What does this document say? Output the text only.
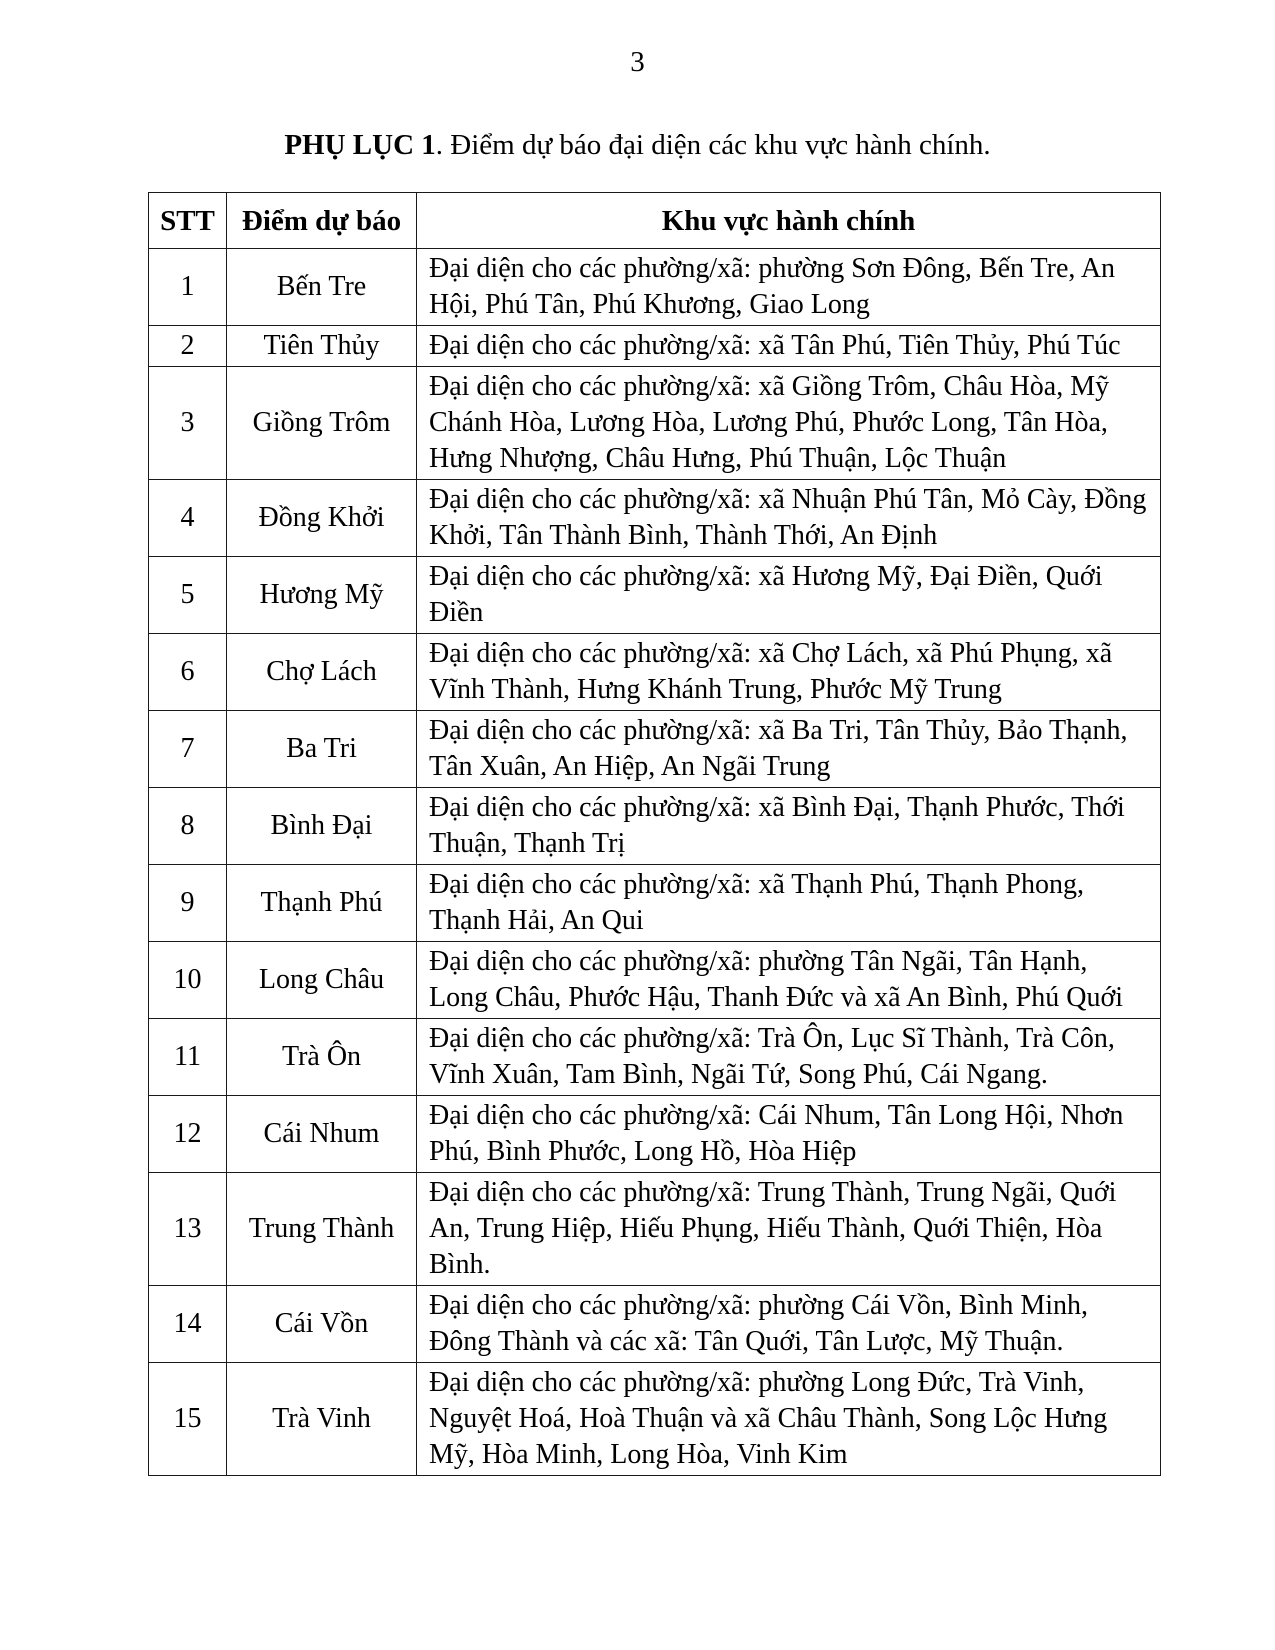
3
PHỤ LỤC 1. Điểm dự báo đại diện các khu vực hành chính.
STT	Điểm dự báo	Khu vực hành chính
1	Bến Tre	Đại diện cho các phường/xã: phường Sơn Đông, Bến Tre, An Hội, Phú Tân, Phú Khương, Giao Long
2	Tiên Thủy	Đại diện cho các phường/xã: xã Tân Phú, Tiên Thủy, Phú Túc
3	Giồng Trôm	Đại diện cho các phường/xã: xã Giồng Trôm, Châu Hòa, Mỹ Chánh Hòa, Lương Hòa, Lương Phú, Phước Long, Tân Hòa, Hưng Nhượng, Châu Hưng, Phú Thuận, Lộc Thuận
4	Đồng Khởi	Đại diện cho các phường/xã: xã Nhuận Phú Tân, Mỏ Cày, Đồng Khởi, Tân Thành Bình, Thành Thới, An Định
5	Hương Mỹ	Đại diện cho các phường/xã: xã Hương Mỹ, Đại Điền, Quới Điền
6	Chợ Lách	Đại diện cho các phường/xã: xã Chợ Lách, xã Phú Phụng, xã Vĩnh Thành, Hưng Khánh Trung, Phước Mỹ Trung
7	Ba Tri	Đại diện cho các phường/xã: xã Ba Tri, Tân Thủy, Bảo Thạnh, Tân Xuân, An Hiệp, An Ngãi Trung
8	Bình Đại	Đại diện cho các phường/xã: xã Bình Đại, Thạnh Phước, Thới Thuận, Thạnh Trị
9	Thạnh Phú	Đại diện cho các phường/xã: xã Thạnh Phú, Thạnh Phong, Thạnh Hải, An Qui
10	Long Châu	Đại diện cho các phường/xã: phường Tân Ngãi, Tân Hạnh, Long Châu, Phước Hậu, Thanh Đức và xã An Bình, Phú Quới
11	Trà Ôn	Đại diện cho các phường/xã: Trà Ôn, Lục Sĩ Thành, Trà Côn, Vĩnh Xuân, Tam Bình, Ngãi Tứ, Song Phú, Cái Ngang.
12	Cái Nhum	Đại diện cho các phường/xã: Cái Nhum, Tân Long Hội, Nhơn Phú, Bình Phước, Long Hồ, Hòa Hiệp
13	Trung Thành	Đại diện cho các phường/xã: Trung Thành, Trung Ngãi, Quới An, Trung Hiệp, Hiếu Phụng, Hiếu Thành, Quới Thiện, Hòa Bình.
14	Cái Vồn	Đại diện cho các phường/xã: phường Cái Vồn, Bình Minh, Đông Thành và các xã: Tân Quới, Tân Lược, Mỹ Thuận.
15	Trà Vinh	Đại diện cho các phường/xã: phường Long Đức, Trà Vinh, Nguyệt Hoá, Hoà Thuận và xã Châu Thành, Song Lộc Hưng Mỹ, Hòa Minh, Long Hòa, Vinh Kim
